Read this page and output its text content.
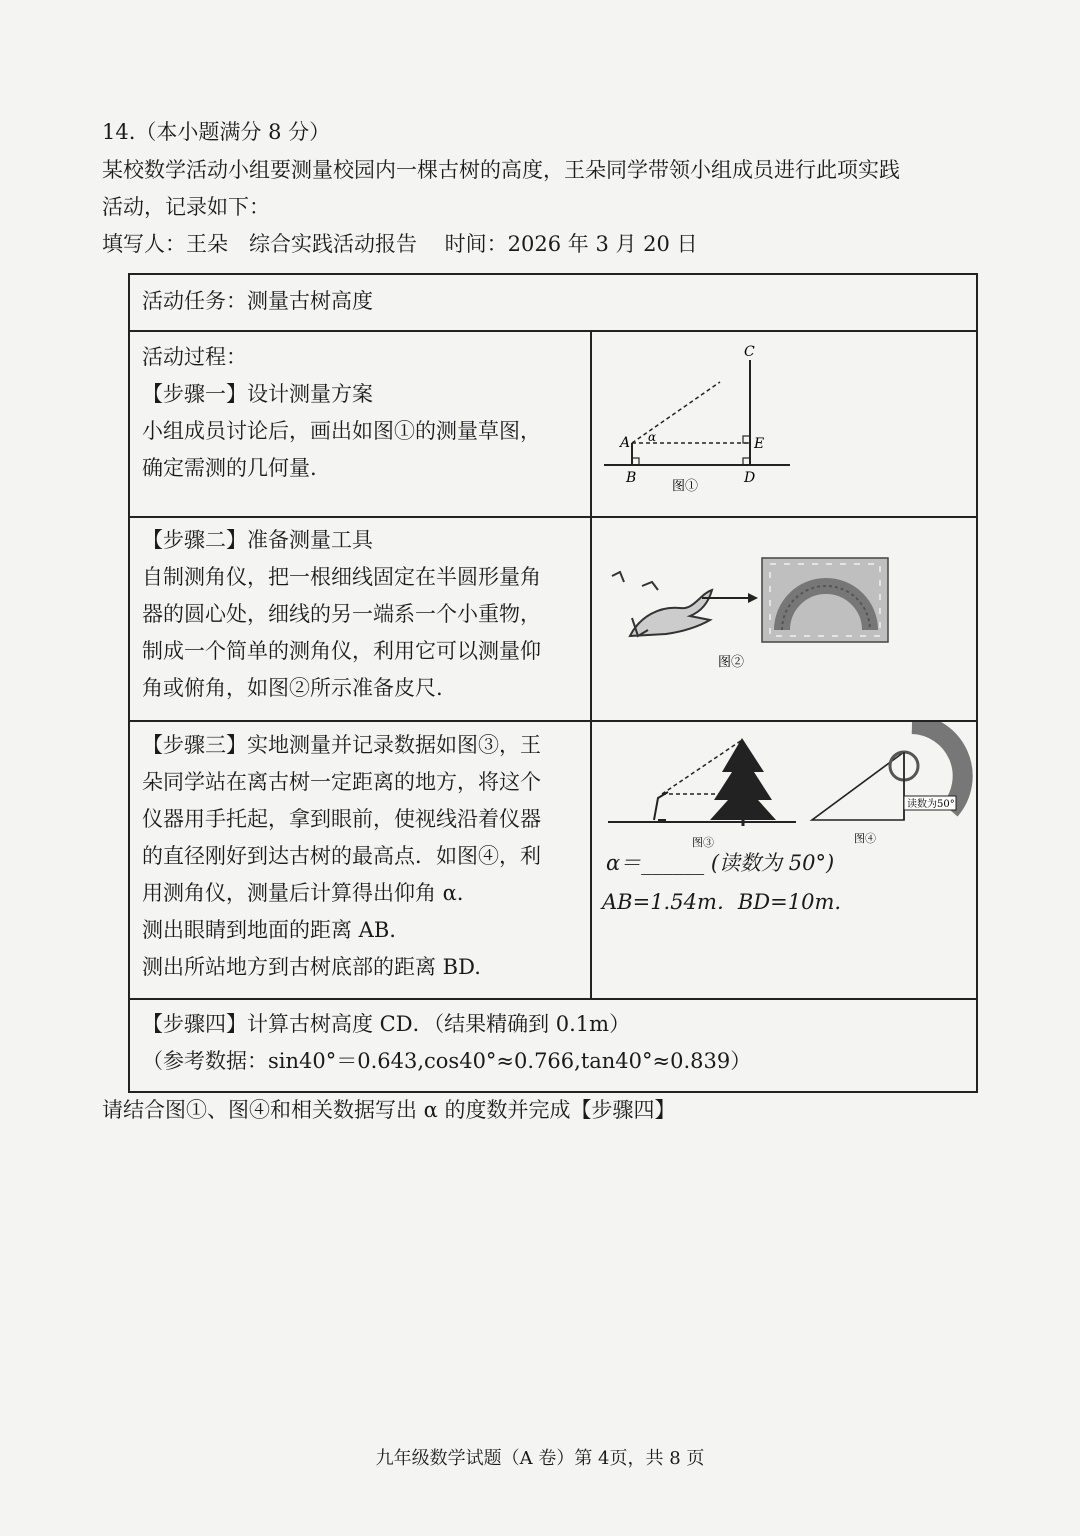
14.（本小题满分 8 分）
某校数学活动小组要测量校园内一棵古树的高度，王朵同学带领小组成员进行此项实践
活动，记录如下：
填写人：王朵　综合实践活动报告　 时间：2026 年 3 月 20 日
活动任务：测量古树高度
活动过程：
【步骤一】设计测量方案
小组成员讨论后，画出如图①的测量草图，
确定需测的几何量.
C
A α	E
B	D
图①
【步骤二】准备测量工具
自制测角仪，把一根细线固定在半圆形量角
器的圆心处，细线的另一端系一个小重物，
制成一个简单的测角仪，利用它可以测量仰
角或俯角，如图②所示准备皮尺.
图②
【步骤三】实地测量并记录数据如图③，王
朵同学站在离古树一定距离的地方，将这个
仪器用手托起，拿到眼前，使视线沿着仪器
的直径刚好到达古树的最高点．如图④，利
用测角仪，测量后计算得出仰角 α．
测出眼睛到地面的距离 AB.
测出所站地方到古树底部的距离 BD.
图③
读数为50°
图④
α＝______ (读数为 50°)
AB=1.54m．BD=10m.
【步骤四】计算古树高度 CD．（结果精确到 0.1m）
（参考数据：sin40°＝0.643,cos40°≈0.766,tan40°≈0.839）
请结合图①、图④和相关数据写出 α 的度数并完成【步骤四】
九年级数学试题（A 卷）第 4页，共 8 页
